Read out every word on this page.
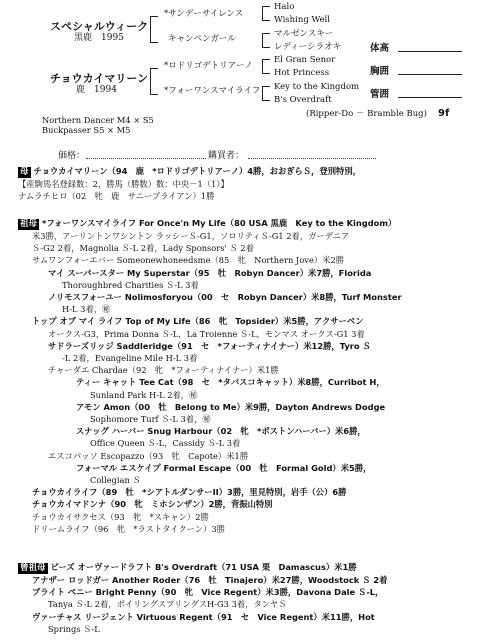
スペシャルウィーク
黒鹿　 1995
*サンデーサイレンス
キャンペンガール
Halo
Wishing Well
マルゼンスキー
レディーシラオキ
チョウカイマリーン
鹿　 1994
*ロドリゴデトリアーノ
*フォーワンスマイライフ
El Gran Senor
Hot Princess
Key to the Kingdom
B's Overdraft
(Ripper-Do － Bramble Bug) 9f
体高
胸囲
管囲
Northern Dancer M4 × S5
Buckpasser S5 × M5
価格：	購買者：
母 チョウカイマリーン（94　鹿　*ロドリゴデトリアーノ）4勝，おおぎらＳ，登別特別，
【産駒馬名登録数：2，勝馬（勝数）数：中央－1（1）】
ナムラチヒロ（02　牝　鹿　サニーブライアン）1勝
祖母 *フォーワンスマイライフ For Once'n My Life（80 USA 黒鹿　Key to the Kingdom）
米3勝，アーリントンワシントン ラッシーＳ-G1，ソロリティＳ-G1 2着，ガーデニア
Ｓ-G2 2着，Magnolia Ｓ-L 2着，Lady Sponsors' Ｓ 2着
サムワンフォーエバー Someonewhoneedsme（85　牝　Northern Jove）米2勝
マイ スーパースター My Superstar（95　牡　Robyn Dancer）米7勝，Florida
Thoroughbred Charities Ｓ-L 3着
ノリモスフォーユー Nolimosforyou（00　セ　Robyn Dancer）米8勝，Turf Monster
H-L 3着，㊙
トップ オブ マイ ライフ Top of My Life（86　牝　Topsider）米5勝，アクサーベン
オークス-G3，Prima Donna Ｓ-L，La Troienne Ｓ-L，モンマス オークス-G1 3着
サドラーズリッジ Saddleridge（91　セ　*フォーティナイナー）米12勝，Tyro Ｓ
-L 2着，Evangeline Mile H-L 3着
チャーダエ Chardae（92　牝　*フォーティナイナー）米1勝
ティー キャット Tee Cat（98　セ　*タバスコキャット）米8勝，Curribot H，
Sunland Park H-L 2着，㊙
アモン Amon（00　牡　Belong to Me）米9勝，Dayton Andrews Dodge
Sophomore Turf Ｓ-L 3着，㊙
スナッグ ハーバー Snug Harbour（02　牝　*ボストンハーバー）米6勝，
Office Queen Ｓ-L，Cassidy Ｓ-L 3着
エスコパッソ Escopazzo（93　牝　Capote）米1勝
フォーマル エスケイプ Formal Escape（00　牡　Formal Gold）米5勝，
Collegian Ｓ
チョウカイライフ（89　牡　*シアトルダンサーII）3勝，里見特別，岩手（公）6勝
チョウカイマドンナ（90　牝　ミホシンザン）2勝，背振山特別
チョウカイサクセス（93　牝　*スキャン）2勝
ドリームライフ（96　牝　*ラストタイクーン）3勝
曾祖母 ビーズ オーヴァードラフト B's Overdraft（71 USA 栗　Damascus）米1勝
アナザー ロッドガー Another Roder（76　牡　Tinajero）米27勝，Woodstock Ｓ 2着
ブライト ペニー Bright Penny（90　牝　Vice Regent）米3勝，Davona Dale Ｓ-L，
Tanya Ｓ-L 2着，ボイリングスプリングスH-G3 3着，タンヤＳ
ヴァーチャス リージェント Virtuous Regent（91　セ　Vice Regent）米11勝，Hot
Springs Ｓ-L
